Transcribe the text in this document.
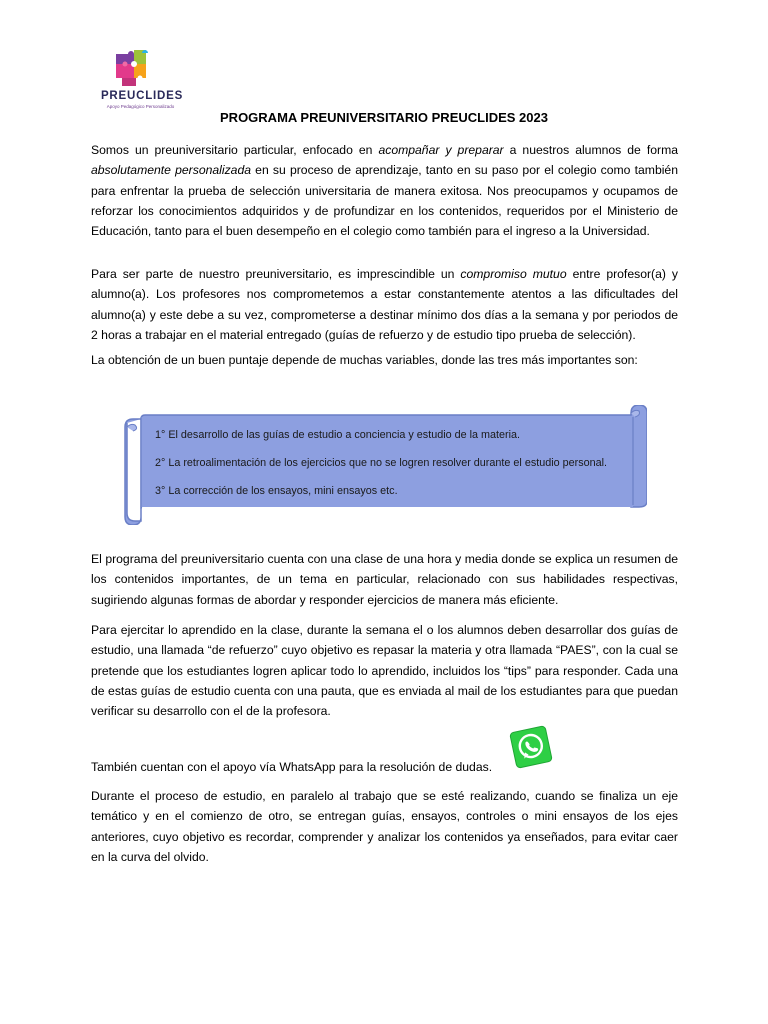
PREUCLIDES
Apoyo Pedagógico Personalizado
PROGRAMA PREUNIVERSITARIO PREUCLIDES 2023

Somos un preuniversitario particular, enfocado en acompañar y preparar a nuestros alumnos de forma absolutamente personalizada en su proceso de aprendizaje, tanto en su paso por el colegio como también para enfrentar la prueba de selección universitaria de manera exitosa. Nos preocupamos y ocupamos de reforzar los conocimientos adquiridos y de profundizar en los contenidos, requeridos por el Ministerio de Educación, tanto para el buen desempeño en el colegio como también para el ingreso a la Universidad.

Para ser parte de nuestro preuniversitario, es imprescindible un compromiso mutuo entre profesor(a) y alumno(a). Los profesores nos comprometemos a estar constantemente atentos a las dificultades del alumno(a) y este debe a su vez, comprometerse a destinar mínimo dos días a la semana y por periodos de 2 horas a trabajar en el material entregado (guías de refuerzo y de estudio tipo prueba de selección).

La obtención de un buen puntaje depende de muchas variables, donde las tres más importantes son:

1° El desarrollo de las guías de estudio a conciencia y estudio de la materia.
2° La retroalimentación de los ejercicios que no se logren resolver durante el estudio personal.
3° La corrección de los ensayos, mini ensayos etc.

El programa del preuniversitario cuenta con una clase de una hora y media donde se explica un resumen de los contenidos importantes, de un tema en particular, relacionado con sus habilidades respectivas, sugiriendo algunas formas de abordar y responder ejercicios de manera más eficiente.

Para ejercitar lo aprendido en la clase, durante la semana el o los alumnos deben desarrollar dos guías de estudio, una llamada “de refuerzo” cuyo objetivo es repasar la materia y otra llamada “PAES”, con la cual se pretende que los estudiantes logren aplicar todo lo aprendido, incluidos los “tips” para responder. Cada una de estas guías de estudio cuenta con una pauta, que es enviada al mail de los estudiantes para que puedan verificar su desarrollo con el de la profesora.

También cuentan con el apoyo vía WhatsApp para la resolución de dudas.

Durante el proceso de estudio, en paralelo al trabajo que se esté realizando, cuando se finaliza un eje temático y en el comienzo de otro, se entregan guías, ensayos, controles o mini ensayos de los ejes anteriores, cuyo objetivo es recordar, comprender y analizar los contenidos ya enseñados, para evitar caer en la curva del olvido.
